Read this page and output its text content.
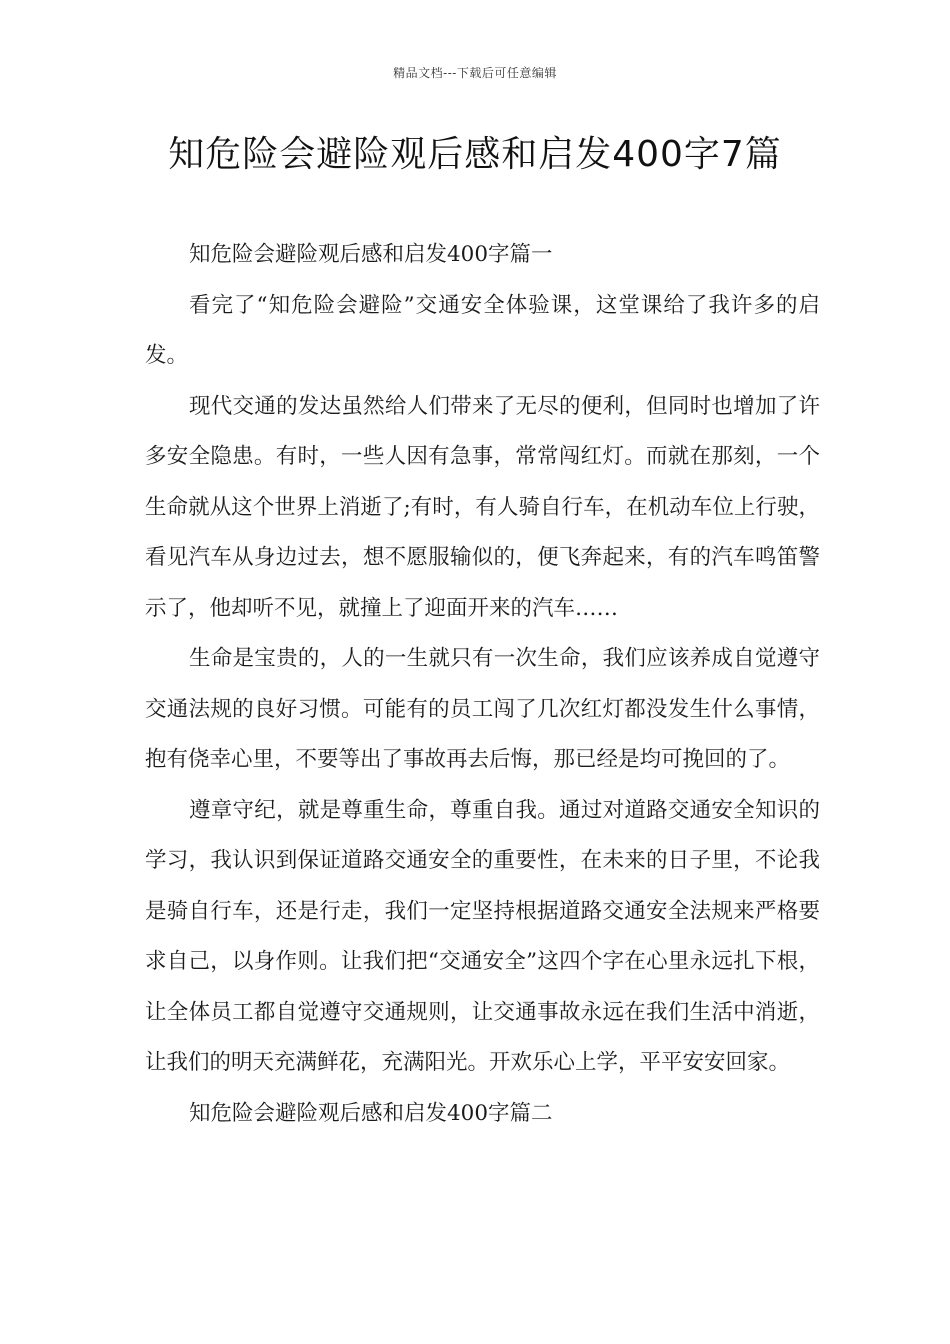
精品文档---下载后可任意编辑
知危险会避险观后感和启发400字7篇

知危险会避险观后感和启发400字篇一

看完了“知危险会避险”交通安全体验课，这堂课给了我许多的启发。

现代交通的发达虽然给人们带来了无尽的便利，但同时也增加了许多安全隐患。有时，一些人因有急事，常常闯红灯。而就在那刻，一个生命就从这个世界上消逝了;有时，有人骑自行车，在机动车位上行驶，看见汽车从身边过去，想不愿服输似的，便飞奔起来，有的汽车鸣笛警示了，他却听不见，就撞上了迎面开来的汽车……

生命是宝贵的，人的一生就只有一次生命，我们应该养成自觉遵守交通法规的良好习惯。可能有的员工闯了几次红灯都没发生什么事情，抱有侥幸心里，不要等出了事故再去后悔，那已经是均可挽回的了。

遵章守纪，就是尊重生命，尊重自我。通过对道路交通安全知识的学习，我认识到保证道路交通安全的重要性，在未来的日子里，不论我是骑自行车，还是行走，我们一定坚持根据道路交通安全法规来严格要求自己，以身作则。让我们把“交通安全”这四个字在心里永远扎下根，让全体员工都自觉遵守交通规则，让交通事故永远在我们生活中消逝，让我们的明天充满鲜花，充满阳光。开欢乐心上学，平平安安回家。

知危险会避险观后感和启发400字篇二
